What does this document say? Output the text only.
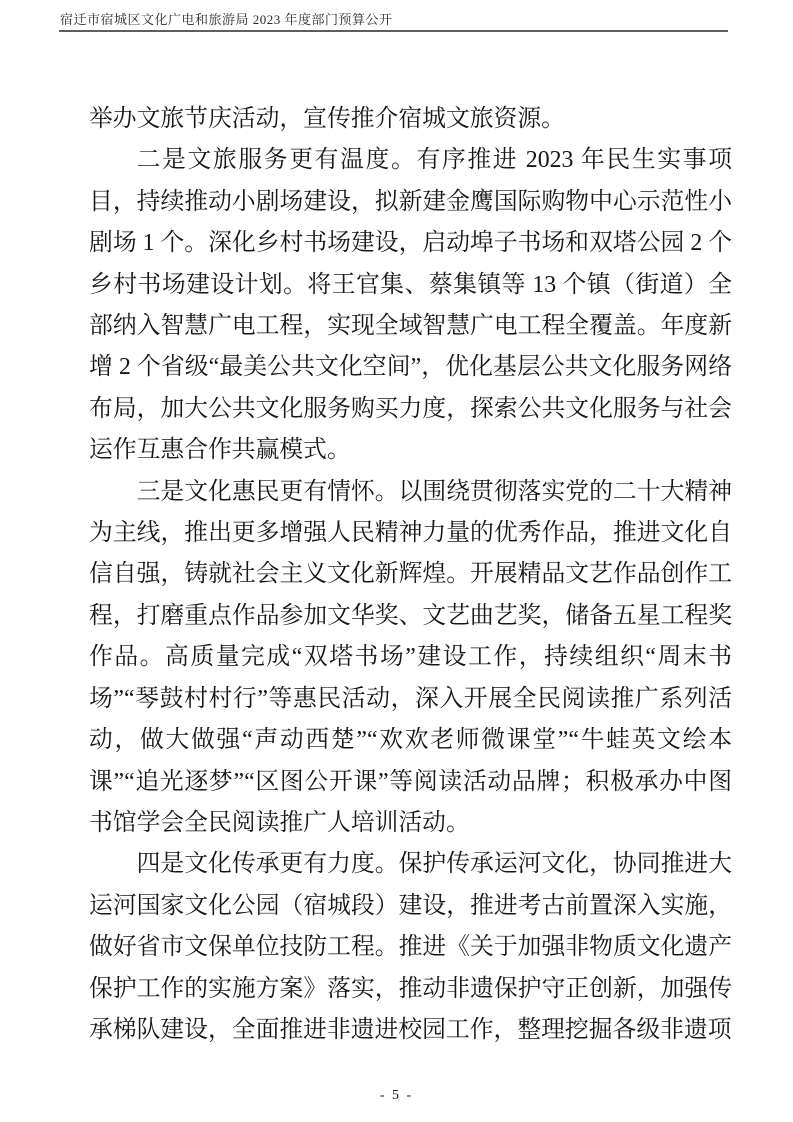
宿迁市宿城区文化广电和旅游局 2023 年度部门预算公开

举办文旅节庆活动，宣传推介宿城文旅资源。

二是文旅服务更有温度。有序推进 2023 年民生实事项目，持续推动小剧场建设，拟新建金鹰国际购物中心示范性小剧场 1 个。深化乡村书场建设，启动埠子书场和双塔公园 2 个乡村书场建设计划。将王官集、蔡集镇等 13 个镇（街道）全部纳入智慧广电工程，实现全域智慧广电工程全覆盖。年度新增 2 个省级“最美公共文化空间”，优化基层公共文化服务网络布局，加大公共文化服务购买力度，探索公共文化服务与社会运作互惠合作共赢模式。

三是文化惠民更有情怀。以围绕贯彻落实党的二十大精神为主线，推出更多增强人民精神力量的优秀作品，推进文化自信自强，铸就社会主义文化新辉煌。开展精品文艺作品创作工程，打磨重点作品参加文华奖、文艺曲艺奖，储备五星工程奖作品。高质量完成“双塔书场”建设工作，持续组织“周末书场”“琴鼓村村行”等惠民活动，深入开展全民阅读推广系列活动，做大做强“声动西楚”“欢欢老师微课堂”“牛蛙英文绘本课”“追光逐梦”“区图公开课”等阅读活动品牌；积极承办中图书馆学会全民阅读推广人培训活动。

四是文化传承更有力度。保护传承运河文化，协同推进大运河国家文化公园（宿城段）建设，推进考古前置深入实施，做好省市文保单位技防工程。推进《关于加强非物质文化遗产保护工作的实施方案》落实，推动非遗保护守正创新，加强传承梯队建设，全面推进非遗进校园工作，整理挖掘各级非遗项

- 5 -
